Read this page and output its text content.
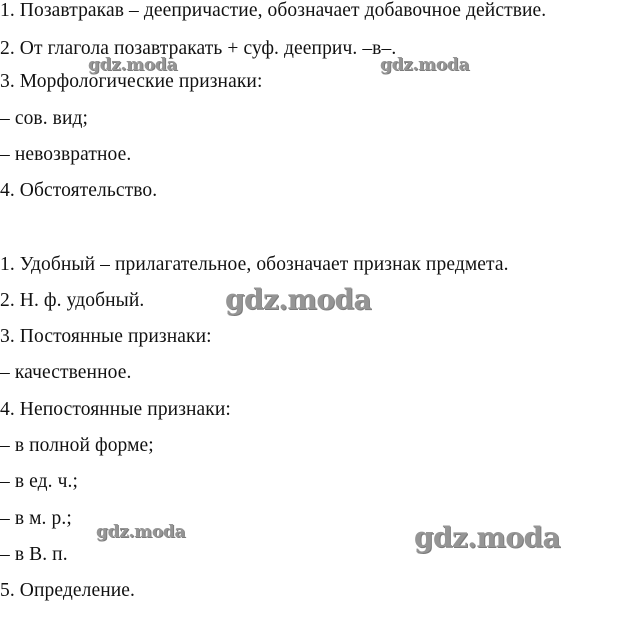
1. Позавтракав – деепричастие, обозначает добавочное действие.
2. От глагола позавтракать + суф. дееприч. –в–.
3. Морфологические признаки:
– сов. вид;
– невозвратное.
4. Обстоятельство.
1. Удобный – прилагательное, обозначает признак предмета.
2. Н. ф. удобный.
3. Постоянные признаки:
– качественное.
4. Непостоянные признаки:
– в полной форме;
– в ед. ч.;
– в м. р.;
– в В. п.
5. Определение.
gdz.moda	gdz.moda
gdz.moda
gdz.moda	gdz.moda
